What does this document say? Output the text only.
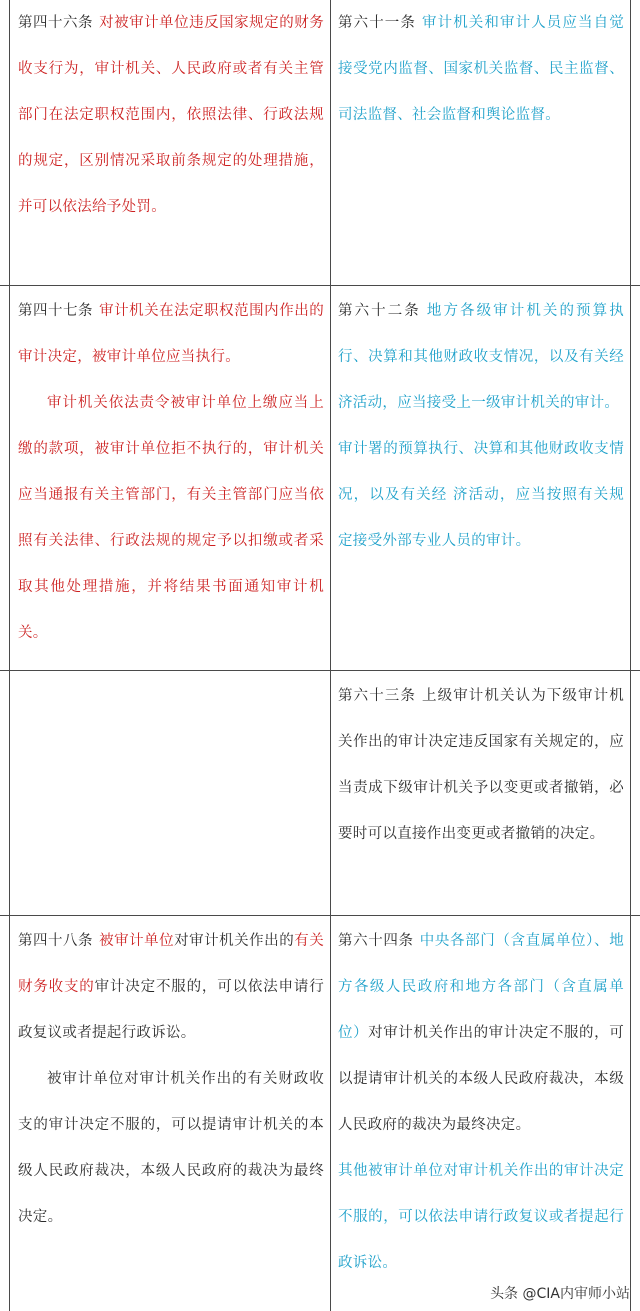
第四十六条 对被审计单位违反国家规定的财务收支行为，审计机关、人民政府或者有关主管部门在法定职权范围内，依照法律、行政法规的规定，区别情况采取前条规定的处理措施，并可以依法给予处罚。

第六十一条 审计机关和审计人员应当自觉接受党内监督、国家机关监督、民主监督、司法监督、社会监督和舆论监督。

第四十七条 审计机关在法定职权范围内作出的审计决定，被审计单位应当执行。

审计机关依法责令被审计单位上缴应当上缴的款项，被审计单位拒不执行的，审计机关应当通报有关主管部门，有关主管部门应当依照有关法律、行政法规的规定予以扣缴或者采取其他处理措施，并将结果书面通知审计机关。

第六十二条 地方各级审计机关的预算执行、决算和其他财政收支情况，以及有关经济活动，应当接受上一级审计机关的审计。

审计署的预算执行、决算和其他财政收支情况，以及有关经 济活动，应当按照有关规定接受外部专业人员的审计。

第六十三条 上级审计机关认为下级审计机关作出的审计决定违反国家有关规定的，应当责成下级审计机关予以变更或者撤销，必要时可以直接作出变更或者撤销的决定。

第四十八条 被审计单位对审计机关作出的有关财务收支的审计决定不服的，可以依法申请行政复议或者提起行政诉讼。

被审计单位对审计机关作出的有关财政收支的审计决定不服的，可以提请审计机关的本级人民政府裁决，本级人民政府的裁决为最终决定。

第六十四条 中央各部门（含直属单位）、地方各级人民政府和地方各部门（含直属单位）对审计机关作出的审计决定不服的，可以提请审计机关的本级人民政府裁决，本级人民政府的裁决为最终决定。

其他被审计单位对审计机关作出的审计决定不服的，可以依法申请行政复议或者提起行政诉讼。

头条 @CIA内审师小站
